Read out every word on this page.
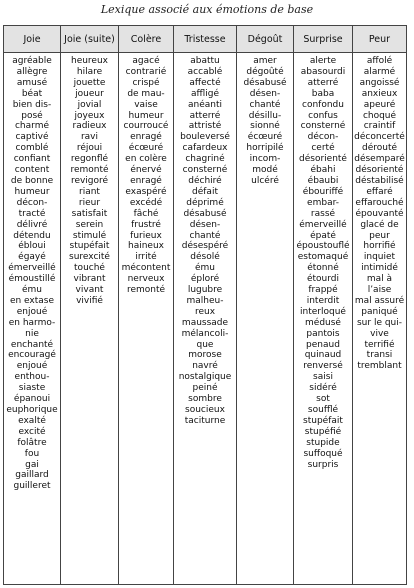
Lexique associé aux émotions de base
Joie
agréable
allègre
amusé
béat
bien dis-
posé
charmé
captivé
comblé
confiant
content
de bonne
humeur
décon-
tracté
délivré
détendu
ébloui
égayé
émerveillé
émoustillé
ému
en extase
enjoué
en harmo-
nie
enchanté
encouragé
enjoué
enthou-
siaste
épanoui
euphorique
exalté
excité
folâtre
fou
gai
gaillard
guilleret
Joie (suite)
heureux
hilare
jouette
joueur
jovial
joyeux
radieux
ravi
réjoui
regonflé
remonté
revigoré
riant
rieur
satisfait
serein
stimulé
stupéfait
surexcité
touché
vibrant
vivant
vivifié
Colère
agacé
contrarié
crispé
de mau-
vaise
humeur
courroucé
enragé
écœuré
en colère
énervé
enragé
exaspéré
excédé
fâché
frustré
furieux
haineux
irrité
mécontent
nerveux
remonté
Tristesse
abattu
accablé
affecté
affligé
anéanti
atterré
attristé
bouleversé
cafardeux
chagriné
consterné
déchiré
défait
déprimé
désabusé
désen-
chanté
désespéré
désolé
ému
éploré
lugubre
malheu-
reux
maussade
mélancoli-
que
morose
navré
nostalgique
peiné
sombre
soucieux
taciturne
Dégoût
amer
dégoûté
désabusé
désen-
chanté
désillu-
sionné
écœuré
horripilé
incom-
modé
ulcéré
Surprise
alerte
abasourdi
atterré
baba
confondu
confus
consterné
décon-
certé
désorienté
ébahi
ébaubi
ébouriffé
embar-
rassé
émerveillé
épaté
époustouflé
estomaqué
étonné
étourdi
frappé
interdit
interloqué
médusé
pantois
penaud
quinaud
renversé
saisi
sidéré
sot
soufflé
stupéfait
stupéfié
stupide
suffoqué
surpris
Peur
affolé
alarmé
angoissé
anxieux
apeuré
choqué
craintif
déconcerté
dérouté
désemparé
désorienté
déstabilisé
effaré
effarouché
épouvanté
glacé de
peur
horrifié
inquiet
intimidé
mal à
l’aise
mal assuré
paniqué
sur le qui-
vive
terrifié
transi
tremblant
